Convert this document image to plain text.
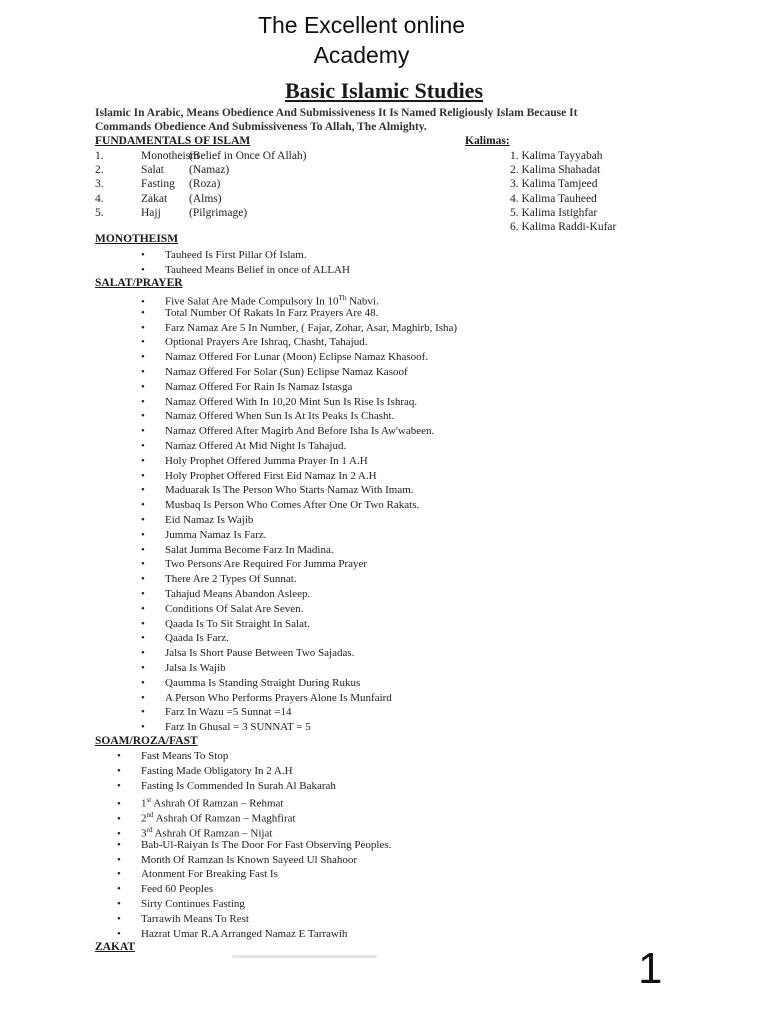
The Excellent online
Academy
Basic Islamic Studies
Islamic In Arabic, Means Obedience And Submissiveness It Is Named Religiously Islam Because It
Commands Obedience And Submissiveness To Allah, The Almighty.
FUNDAMENTALS OF ISLAM
1.	Monotheism(Belief in Once Of Allah)
2.	Salat (Namaz)
3.	Fasting (Roza)
4.	Zakat (Alms)
5.	Hajj (Pilgrimage)
Kalimas:
1. Kalima Tayyabah
2. Kalima Shahadat
3. Kalima Tamjeed
4. Kalima Tauheed
5. Kalima Istighfar
6. Kalima Raddi-Kufar
MONOTHEISM
• Tauheed Is First Pillar Of Islam.
• Tauheed Means Belief in once of ALLAH
SALAT/PRAYER
• Five Salat Are Made Compulsory In 10Th Nabvi.
• Total Number Of Rakats In Farz Prayers Are 48.
• Farz Namaz Are 5 In Number, ( Fajar, Zohar, Asar, Maghirb, Isha)
• Optional Prayers Are Ishraq, Chasht, Tahajud.
• Namaz Offered For Lunar (Moon) Eclipse Namaz Khasoof.
• Namaz Offered For Solar (Sun) Eclipse Namaz Kasoof
• Namaz Offered For Rain Is Namaz Istasga
• Namaz Offered With In 10,20 Mint Sun Is Rise Is Ishraq.
• Namaz Offered When Sun Is At Its Peaks Is Chasht.
• Namaz Offered After Magirb And Before Isha Is Aw'wabeen.
• Namaz Offered At Mid Night Is Tahajud.
• Holy Prophet Offered Jumma Prayer In 1 A.H
• Holy Prophet Offered First Eid Namaz In 2 A.H
• Maduarak Is The Person Who Starts Namaz With Imam.
• Musbaq Is Person Who Comes After One Or Two Rakats.
• Eid Namaz Is Wajib
• Jumma Namaz Is Farz.
• Salat Jumma Become Farz In Madina.
• Two Persons Are Required For Jumma Prayer
• There Are 2 Types Of Sunnat.
• Tahajud Means Abandon Asleep.
• Conditions Of Salat Are Seven.
• Qaada Is To Sit Straight In Salat.
• Qaada Is Farz.
• Jalsa Is Short Pause Between Two Sajadas.
• Jalsa Is Wajib
• Qaumma Is Standing Straight During Rukus
• A Person Who Performs Prayers Alone Is Munfaird
• Farz In Wazu =5 Sunnat =14
• Farz In Ghusal = 3 SUNNAT = 5
SOAM/ROZA/FAST
• Fast Means To Stop
• Fasting Made Obligatory In 2 A.H
• Fasting Is Commended In Surah Al Bakarah
• 1st Ashrah Of Ramzan – Rehmat
• 2nd Ashrah Of Ramzan – Maghfirat
• 3rd Ashrah Of Ramzan – Nijat
• Bab-Ul-Raiyan Is The Door For Fast Observing Peoples.
• Month Of Ramzan Is Known Sayeed Ul Shahoor
• Atonment For Breaking Fast Is
• Feed 60 Peoples
• Sirty Continues Fasting
• Tarrawih Means To Rest
• Hazrat Umar R.A Arranged Namaz E Tarrawih
ZAKAT	1
